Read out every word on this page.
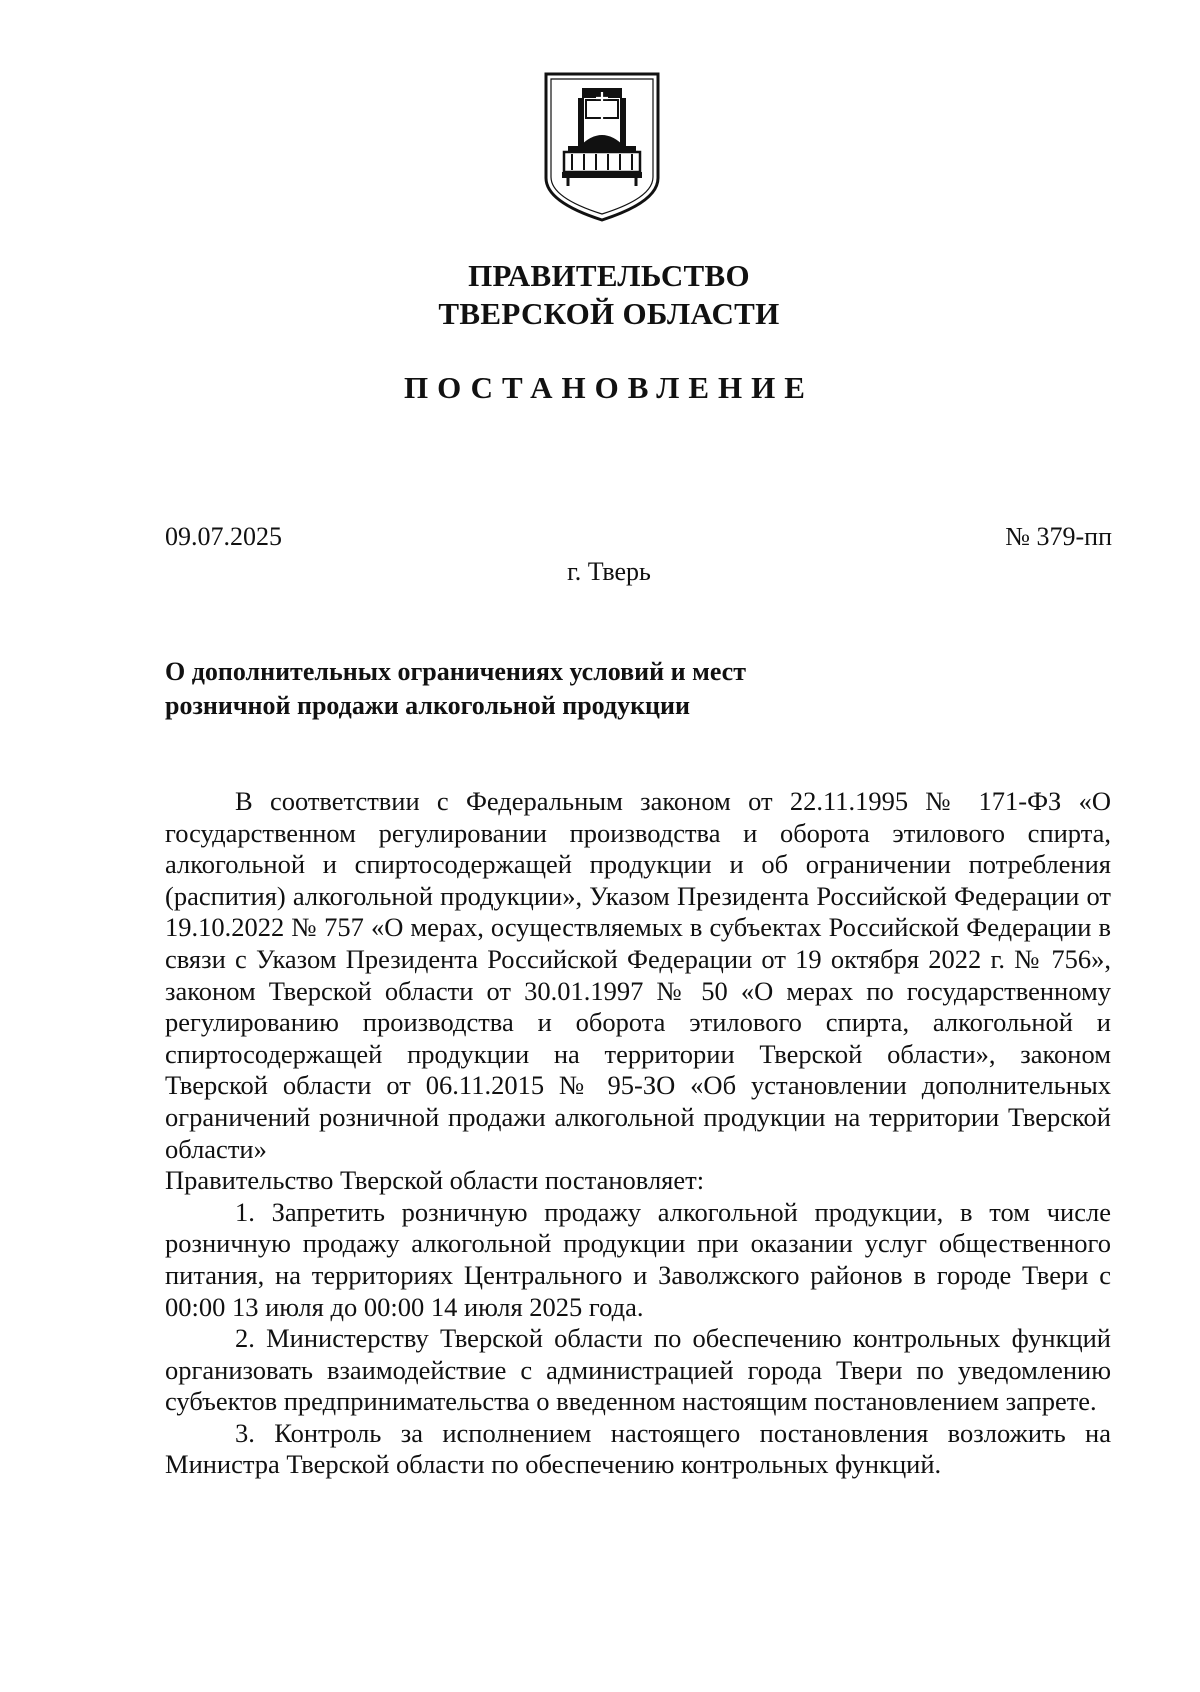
ПРАВИТЕЛЬСТВО
ТВЕРСКОЙ ОБЛАСТИ
ПОСТАНОВЛЕНИЕ
09.07.2025	№ 379-пп
г. Тверь
О дополнительных ограничениях условий и мест
розничной продажи алкогольной продукции

В соответствии с Федеральным законом от 22.11.1995 № 171-ФЗ «О государственном регулировании производства и оборота этилового спирта, алкогольной и спиртосодержащей продукции и об ограничении потребления (распития) алкогольной продукции», Указом Президента Российской Федерации от 19.10.2022 № 757 «О мерах, осуществляемых в субъектах Российской Федерации в связи с Указом Президента Российской Федерации от 19 октября 2022 г. № 756», законом Тверской области от 30.01.1997 № 50 «О мерах по государственному регулированию производства и оборота этилового спирта, алкогольной и спиртосодержащей продукции на территории Тверской области», законом Тверской области от 06.11.2015 № 95-ЗО «Об установлении дополнительных ограничений розничной продажи алкогольной продукции на территории Тверской области»

Правительство Тверской области постановляет:

1. Запретить розничную продажу алкогольной продукции, в том числе розничную продажу алкогольной продукции при оказании услуг общественного питания, на территориях Центрального и Заволжского районов в городе Твери с 00:00 13 июля до 00:00 14 июля 2025 года.

2. Министерству Тверской области по обеспечению контрольных функций организовать взаимодействие с администрацией города Твери по уведомлению субъектов предпринимательства о введенном настоящим постановлением запрете.

3. Контроль за исполнением настоящего постановления возложить на Министра Тверской области по обеспечению контрольных функций.
